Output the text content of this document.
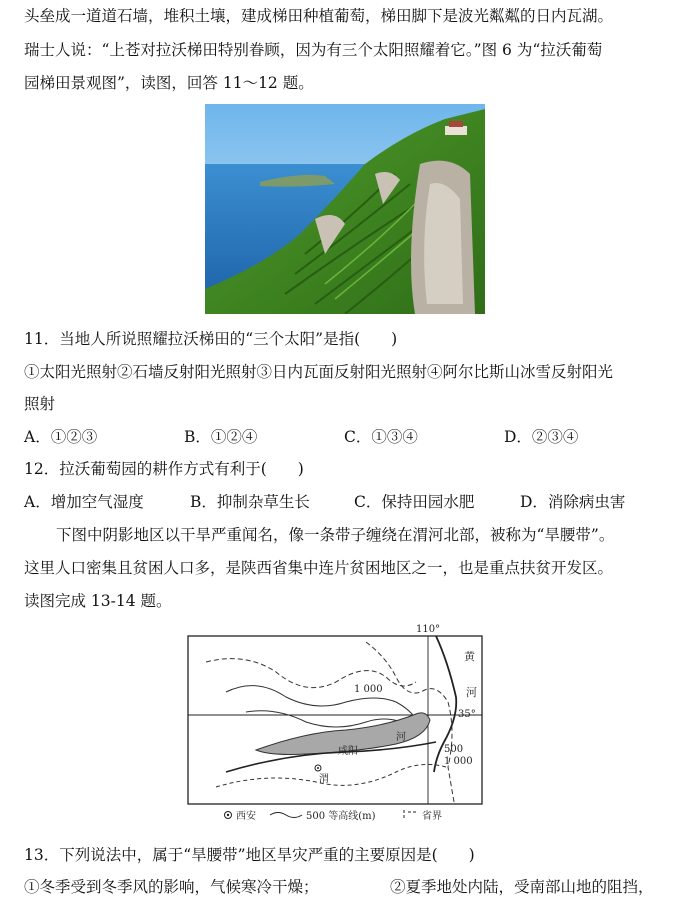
头垒成一道道石墙，堆积土壤，建成梯田种植葡萄，梯田脚下是波光粼粼的日内瓦湖。
瑞士人说：“上苍对拉沃梯田特别眷顾，因为有三个太阳照耀着它。”图 6 为“拉沃葡萄
园梯田景观图”，读图，回答 11～12 题。
11．当地人所说照耀拉沃梯田的“三个太阳”是指(　　)
①太阳光照射②石墙反射阳光照射③日内瓦面反射阳光照射④阿尔比斯山冰雪反射阳光
照射
A．①②③	B．①②④	C．①③④	D．②③④
12．拉沃葡萄园的耕作方式有利于(　　)
A．增加空气湿度	B．抑制杂草生长	C．保持田园水肥	D．消除病虫害
下图中阴影地区以干旱严重闻名，像一条带子缠绕在渭河北部，被称为“旱腰带”。
这里人口密集且贫困人口多，是陕西省集中连片贫困地区之一，也是重点扶贫开发区。
读图完成 13-14 题。
110°
35°
黄
河
1 000
河
渭
咸阳	500
1 000
西安	500 等高线(m)	省界
13．下列说法中，属于“旱腰带”地区旱灾严重的主要原因是(　　)
①冬季受到冬季风的影响，气候寒冷干燥；	②夏季地处内陆，受南部山地的阻挡，
